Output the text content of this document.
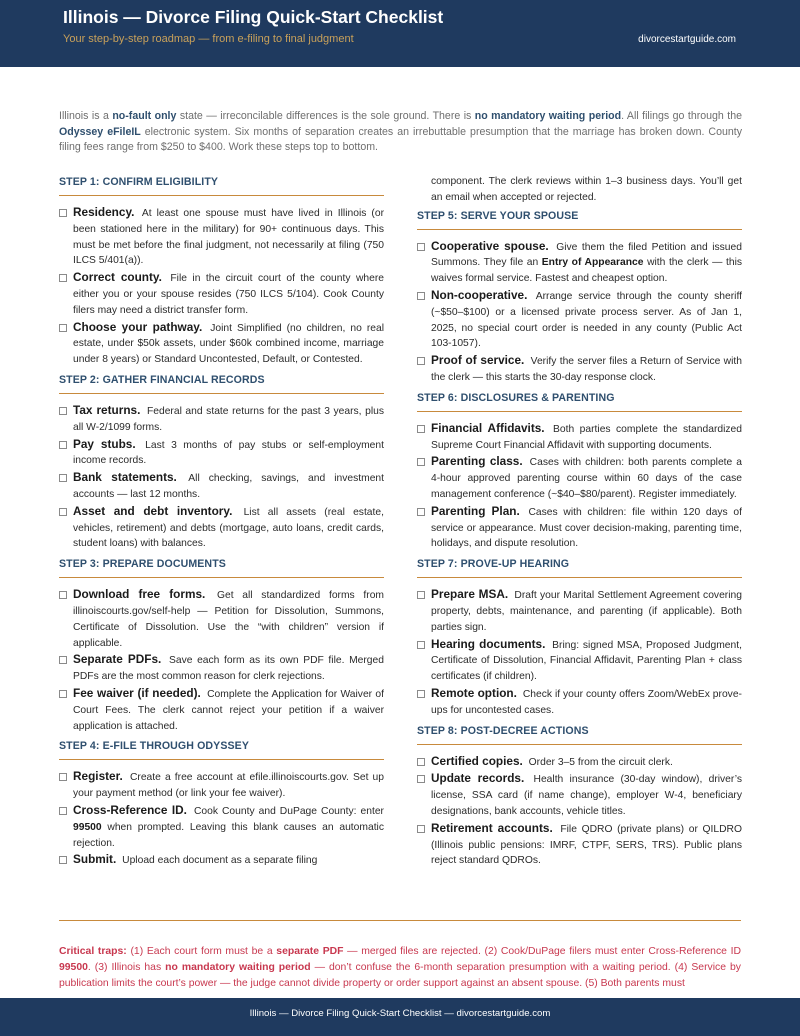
Illinois — Divorce Filing Quick-Start Checklist
Your step-by-step roadmap — from e-filing to final judgment	divorcestartguide.com

Illinois is a no-fault only state — irreconcilable differences is the sole ground. There is no mandatory waiting period. All filings go through the Odyssey eFileIL electronic system. Six months of separation creates an irrebuttable presumption that the marriage has broken down. County filing fees range from $250 to $400. Work these steps top to bottom.

STEP 1: CONFIRM ELIGIBILITY
Residency. At least one spouse must have lived in Illinois (or been stationed here in the military) for 90+ continuous days. This must be met before the final judgment, not necessarily at filing (750 ILCS 5/401(a)).
Correct county. File in the circuit court of the county where either you or your spouse resides (750 ILCS 5/104). Cook County filers may need a district transfer form.
Choose your pathway. Joint Simplified (no children, no real estate, under $50k assets, under $60k combined income, marriage under 8 years) or Standard Uncontested, Default, or Contested.
STEP 2: GATHER FINANCIAL RECORDS
Tax returns. Federal and state returns for the past 3 years, plus all W-2/1099 forms.
Pay stubs. Last 3 months of pay stubs or self-employment income records.
Bank statements. All checking, savings, and investment accounts — last 12 months.
Asset and debt inventory. List all assets (real estate, vehicles, retirement) and debts (mortgage, auto loans, credit cards, student loans) with balances.
STEP 3: PREPARE DOCUMENTS
Download free forms. Get all standardized forms from illinoiscourts.gov/self-help — Petition for Dissolution, Summons, Certificate of Dissolution. Use the “with children” version if applicable.
Separate PDFs. Save each form as its own PDF file. Merged PDFs are the most common reason for clerk rejections.
Fee waiver (if needed). Complete the Application for Waiver of Court Fees. The clerk cannot reject your petition if a waiver application is attached.
STEP 4: E-FILE THROUGH ODYSSEY
Register. Create a free account at efile.illinoiscourts.gov. Set up your payment method (or link your fee waiver).
Cross-Reference ID. Cook County and DuPage County: enter 99500 when prompted. Leaving this blank causes an automatic rejection.
Submit. Upload each document as a separate filing

component. The clerk reviews within 1–3 business days. You’ll get an email when accepted or rejected.

STEP 5: SERVE YOUR SPOUSE
Cooperative spouse. Give them the filed Petition and issued Summons. They file an Entry of Appearance with the clerk — this waives formal service. Fastest and cheapest option.
Non-cooperative. Arrange service through the county sheriff (~$50–$100) or a licensed private process server. As of Jan 1, 2025, no special court order is needed in any county (Public Act 103-1057).
Proof of service. Verify the server files a Return of Service with the clerk — this starts the 30-day response clock.
STEP 6: DISCLOSURES & PARENTING
Financial Affidavits. Both parties complete the standardized Supreme Court Financial Affidavit with supporting documents.
Parenting class. Cases with children: both parents complete a 4-hour approved parenting course within 60 days of the case management conference (~$40–$80/parent). Register immediately.
Parenting Plan. Cases with children: file within 120 days of service or appearance. Must cover decision-making, parenting time, holidays, and dispute resolution.
STEP 7: PROVE-UP HEARING
Prepare MSA. Draft your Marital Settlement Agreement covering property, debts, maintenance, and parenting (if applicable). Both parties sign.
Hearing documents. Bring: signed MSA, Proposed Judgment, Certificate of Dissolution, Financial Affidavit, Parenting Plan + class certificates (if children).
Remote option. Check if your county offers Zoom/WebEx prove-ups for uncontested cases.
STEP 8: POST-DECREE ACTIONS
Certified copies. Order 3–5 from the circuit clerk.
Update records. Health insurance (30-day window), driver’s license, SSA card (if name change), employer W-4, beneficiary designations, bank accounts, vehicle titles.
Retirement accounts. File QDRO (private plans) or QILDRO (Illinois public pensions: IMRF, CTPF, SERS, TRS). Public plans reject standard QDROs.

Critical traps: (1) Each court form must be a separate PDF — merged files are rejected. (2) Cook/DuPage filers must enter Cross-Reference ID 99500. (3) Illinois has no mandatory waiting period — don’t confuse the 6-month separation presumption with a waiting period. (4) Service by publication limits the court’s power — the judge cannot divide property or order support against an absent spouse. (5) Both parents must

Illinois — Divorce Filing Quick-Start Checklist — divorcestartguide.com
